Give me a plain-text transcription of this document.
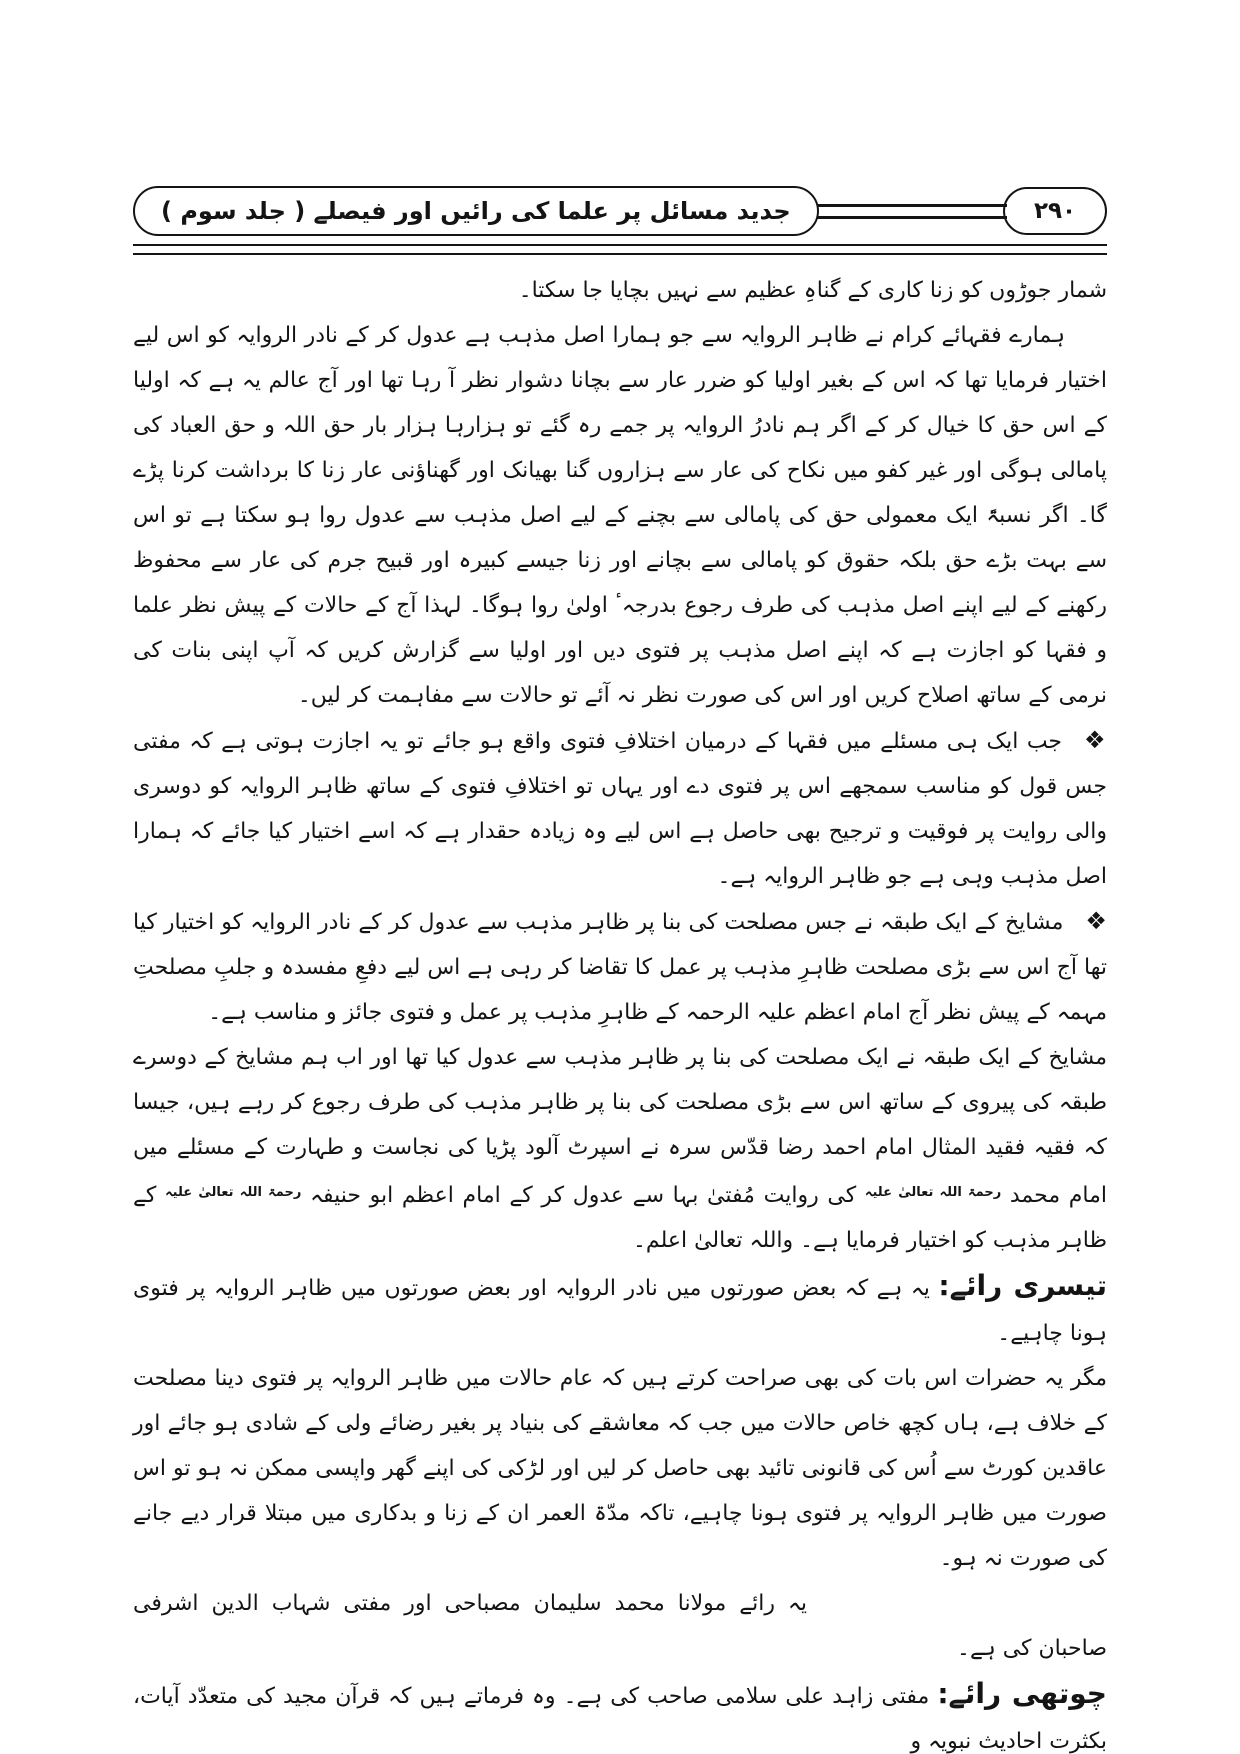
جدید مسائل پر علما کی رائیں اور فیصلے ( جلد سوم )	۲۹۰

شمار جوڑوں کو زنا کاری کے گناہِ عظیم سے نہیں بچایا جا سکتا۔

ہمارے فقہائے کرام نے ظاہر الروایہ سے جو ہمارا اصل مذہب ہے عدول کر کے نادر الروایہ کو اس لیے اختیار فرمایا تھا کہ اس کے بغیر اولیا کو ضرر عار سے بچانا دشوار نظر آ رہا تھا اور آج عالم یہ ہے کہ اولیا کے اس حق کا خیال کر کے اگر ہم نادرُ الروایہ پر جمے رہ گئے تو ہزارہا ہزار بار حق اللہ و حق العباد کی پامالی ہوگی اور غیر کفو میں نکاح کی عار سے ہزاروں گنا بھیانک اور گھناؤنی عار زنا کا برداشت کرنا پڑے گا۔ اگر نسبۃً ایک معمولی حق کی پامالی سے بچنے کے لیے اصل مذہب سے عدول روا ہو سکتا ہے تو اس سے بہت بڑے حق بلکہ حقوق کو پامالی سے بچانے اور زنا جیسے کبیرہ اور قبیح جرم کی عار سے محفوظ رکھنے کے لیے اپنے اصل مذہب کی طرف رجوع بدرجہٴ اولیٰ روا ہوگا۔ لہذا آج کے حالات کے پیش نظر علما و فقہا کو اجازت ہے کہ اپنے اصل مذہب پر فتوی دیں اور اولیا سے گزارش کریں کہ آپ اپنی بنات کی نرمی کے ساتھ اصلاح کریں اور اس کی صورت نظر نہ آئے تو حالات سے مفاہمت کر لیں۔

❖جب ایک ہی مسئلے میں فقہا کے درمیان اختلافِ فتوی واقع ہو جائے تو یہ اجازت ہوتی ہے کہ مفتی جس قول کو مناسب سمجھے اس پر فتوی دے اور یہاں تو اختلافِ فتوی کے ساتھ ظاہر الروایہ کو دوسری والی روایت پر فوقیت و ترجیح بھی حاصل ہے اس لیے وہ زیادہ حقدار ہے کہ اسے اختیار کیا جائے کہ ہمارا اصل مذہب وہی ہے جو ظاہر الروایہ ہے۔

❖مشایخ کے ایک طبقہ نے جس مصلحت کی بنا پر ظاہر مذہب سے عدول کر کے نادر الروایہ کو اختیار کیا تھا آج اس سے بڑی مصلحت ظاہرِ مذہب پر عمل کا تقاضا کر رہی ہے اس لیے دفعِ مفسدہ و جلبِ مصلحتِ مہمہ کے پیش نظر آج امام اعظم علیہ الرحمہ کے ظاہرِ مذہب پر عمل و فتوی جائز و مناسب ہے۔

مشایخ کے ایک طبقہ نے ایک مصلحت کی بنا پر ظاہر مذہب سے عدول کیا تھا اور اب ہم مشایخ کے دوسرے طبقہ کی پیروی کے ساتھ اس سے بڑی مصلحت کی بنا پر ظاہر مذہب کی طرف رجوع کر رہے ہیں، جیسا کہ فقیہ فقید المثال امام احمد رضا قدّس سرہ نے اسپرٹ آلود پڑیا کی نجاست و طہارت کے مسئلے میں امام محمد $^{رحمۃ اللہ تعالیٰ علیہ}$ کی روایت مُفتیٰ بہا سے عدول کر کے امام اعظم ابو حنیفہ $^{رحمۃ اللہ تعالیٰ علیہ}$ کے ظاہر مذہب کو اختیار فرمایا ہے۔ واللہ تعالیٰ اعلم۔

تیسری رائے: یہ ہے کہ بعض صورتوں میں نادر الروایہ اور بعض صورتوں میں ظاہر الروایہ پر فتوی ہونا چاہیے۔

مگر یہ حضرات اس بات کی بھی صراحت کرتے ہیں کہ عام حالات میں ظاہر الروایہ پر فتوی دینا مصلحت کے خلاف ہے، ہاں کچھ خاص حالات میں جب کہ معاشقے کی بنیاد پر بغیر رضائے ولی کے شادی ہو جائے اور عاقدین کورٹ سے اُس کی قانونی تائید بھی حاصل کر لیں اور لڑکی کی اپنے گھر واپسی ممکن نہ ہو تو اس صورت میں ظاہر الروایہ پر فتوی ہونا چاہیے، تاکہ مدّۃ العمر ان کے زنا و بدکاری میں مبتلا قرار دیے جانے کی صورت نہ ہو۔

یہ رائے مولانا محمد سلیمان مصباحی اور مفتی شہاب الدین اشرفی صاحبان کی ہے۔

چوتھی رائے: مفتی زاہد علی سلامی صاحب کی ہے۔ وہ فرماتے ہیں کہ قرآن مجید کی متعدّد آیات، بکثرت احادیث نبویہ و
